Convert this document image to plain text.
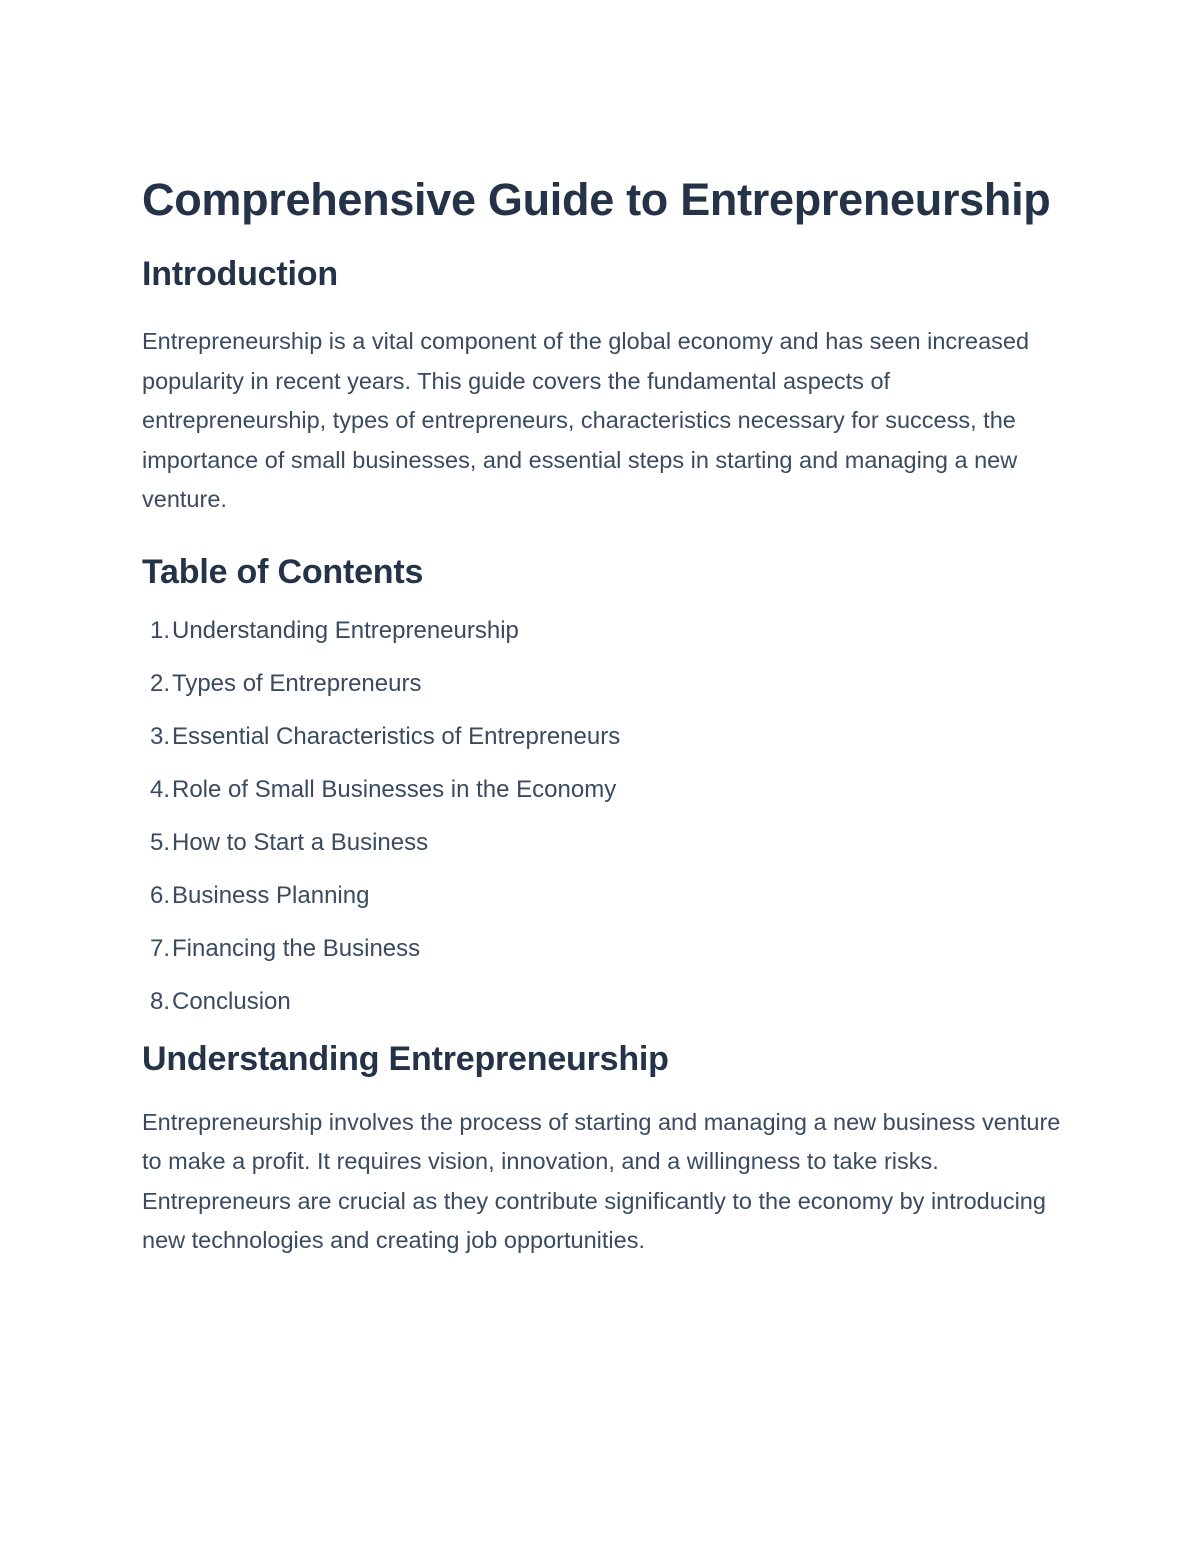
Comprehensive Guide to Entrepreneurship
Introduction

Entrepreneurship is a vital component of the global economy and has seen increased popularity in recent years. This guide covers the fundamental aspects of entrepreneurship, types of entrepreneurs, characteristics necessary for success, the importance of small businesses, and essential steps in starting and managing a new venture.

Table of Contents
1.Understanding Entrepreneurship
2.Types of Entrepreneurs
3.Essential Characteristics of Entrepreneurs
4.Role of Small Businesses in the Economy
5.How to Start a Business
6.Business Planning
7.Financing the Business
8.Conclusion
Understanding Entrepreneurship

Entrepreneurship involves the process of starting and managing a new business venture to make a profit. It requires vision, innovation, and a willingness to take risks. Entrepreneurs are crucial as they contribute significantly to the economy by introducing new technologies and creating job opportunities.
